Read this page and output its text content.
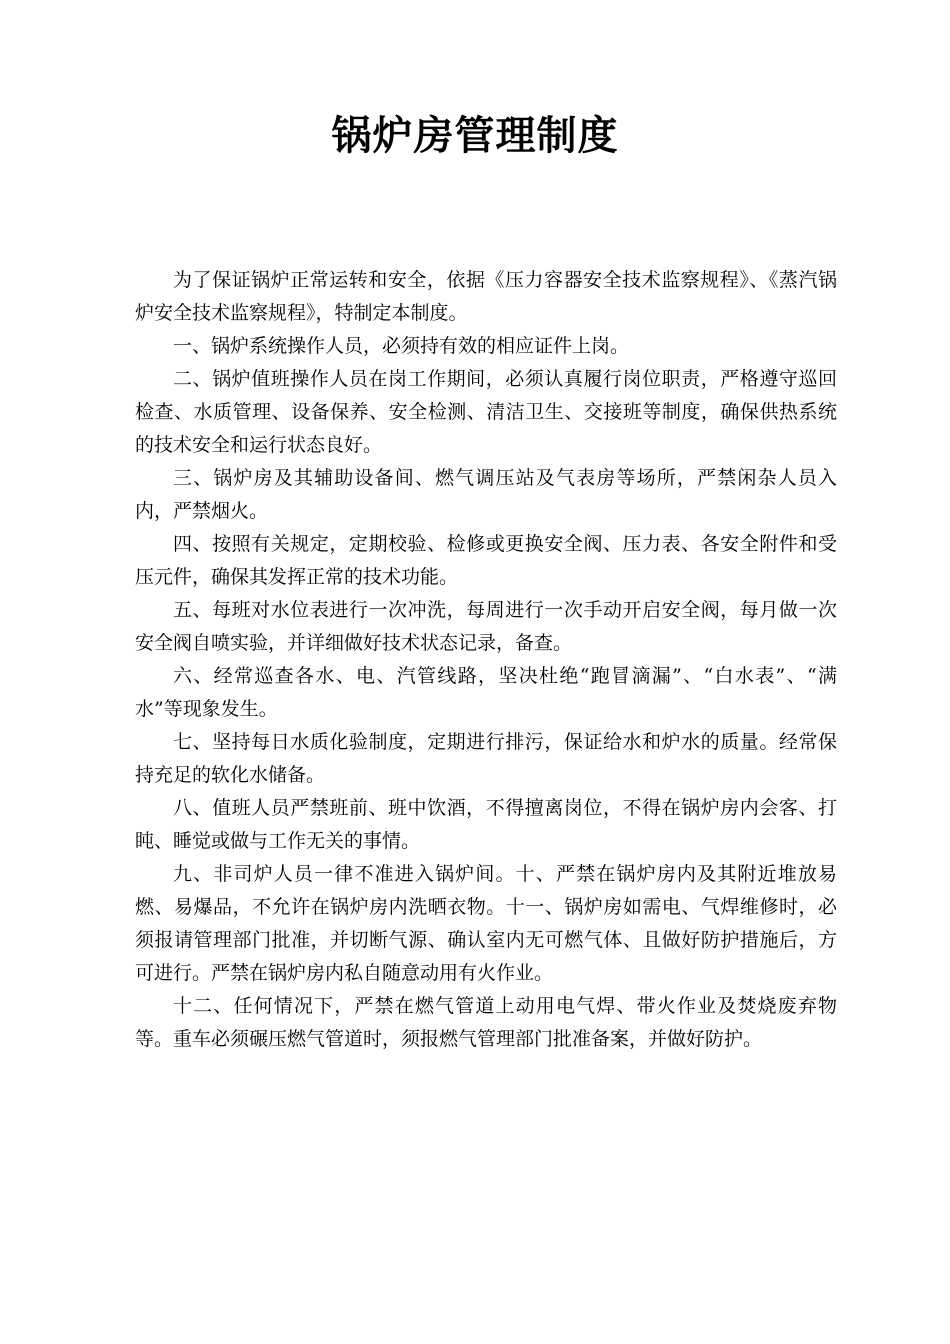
锅炉房管理制度

为了保证锅炉正常运转和安全，依据《压力容器安全技术监察规程》、《蒸汽锅炉安全技术监察规程》，特制定本制度。

一、锅炉系统操作人员，必须持有效的相应证件上岗。

二、锅炉值班操作人员在岗工作期间，必须认真履行岗位职责，严格遵守巡回检查、水质管理、设备保养、安全检测、清洁卫生、交接班等制度，确保供热系统的技术安全和运行状态良好。

三、锅炉房及其辅助设备间、燃气调压站及气表房等场所，严禁闲杂人员入内，严禁烟火。

四、按照有关规定，定期校验、检修或更换安全阀、压力表、各安全附件和受压元件，确保其发挥正常的技术功能。

五、每班对水位表进行一次冲洗，每周进行一次手动开启安全阀，每月做一次安全阀自喷实验，并详细做好技术状态记录，备查。

六、经常巡查各水、电、汽管线路，坚决杜绝“跑冒滴漏”、“白水表”、“满水”等现象发生。

七、坚持每日水质化验制度，定期进行排污，保证给水和炉水的质量。经常保持充足的软化水储备。

八、值班人员严禁班前、班中饮酒，不得擅离岗位，不得在锅炉房内会客、打盹、睡觉或做与工作无关的事情。

九、非司炉人员一律不准进入锅炉间。十、严禁在锅炉房内及其附近堆放易燃、易爆品，不允许在锅炉房内洗晒衣物。十一、锅炉房如需电、气焊维修时，必须报请管理部门批准，并切断气源、确认室内无可燃气体、且做好防护措施后，方可进行。严禁在锅炉房内私自随意动用有火作业。

十二、任何情况下，严禁在燃气管道上动用电气焊、带火作业及焚烧废弃物等。重车必须碾压燃气管道时，须报燃气管理部门批准备案，并做好防护。
